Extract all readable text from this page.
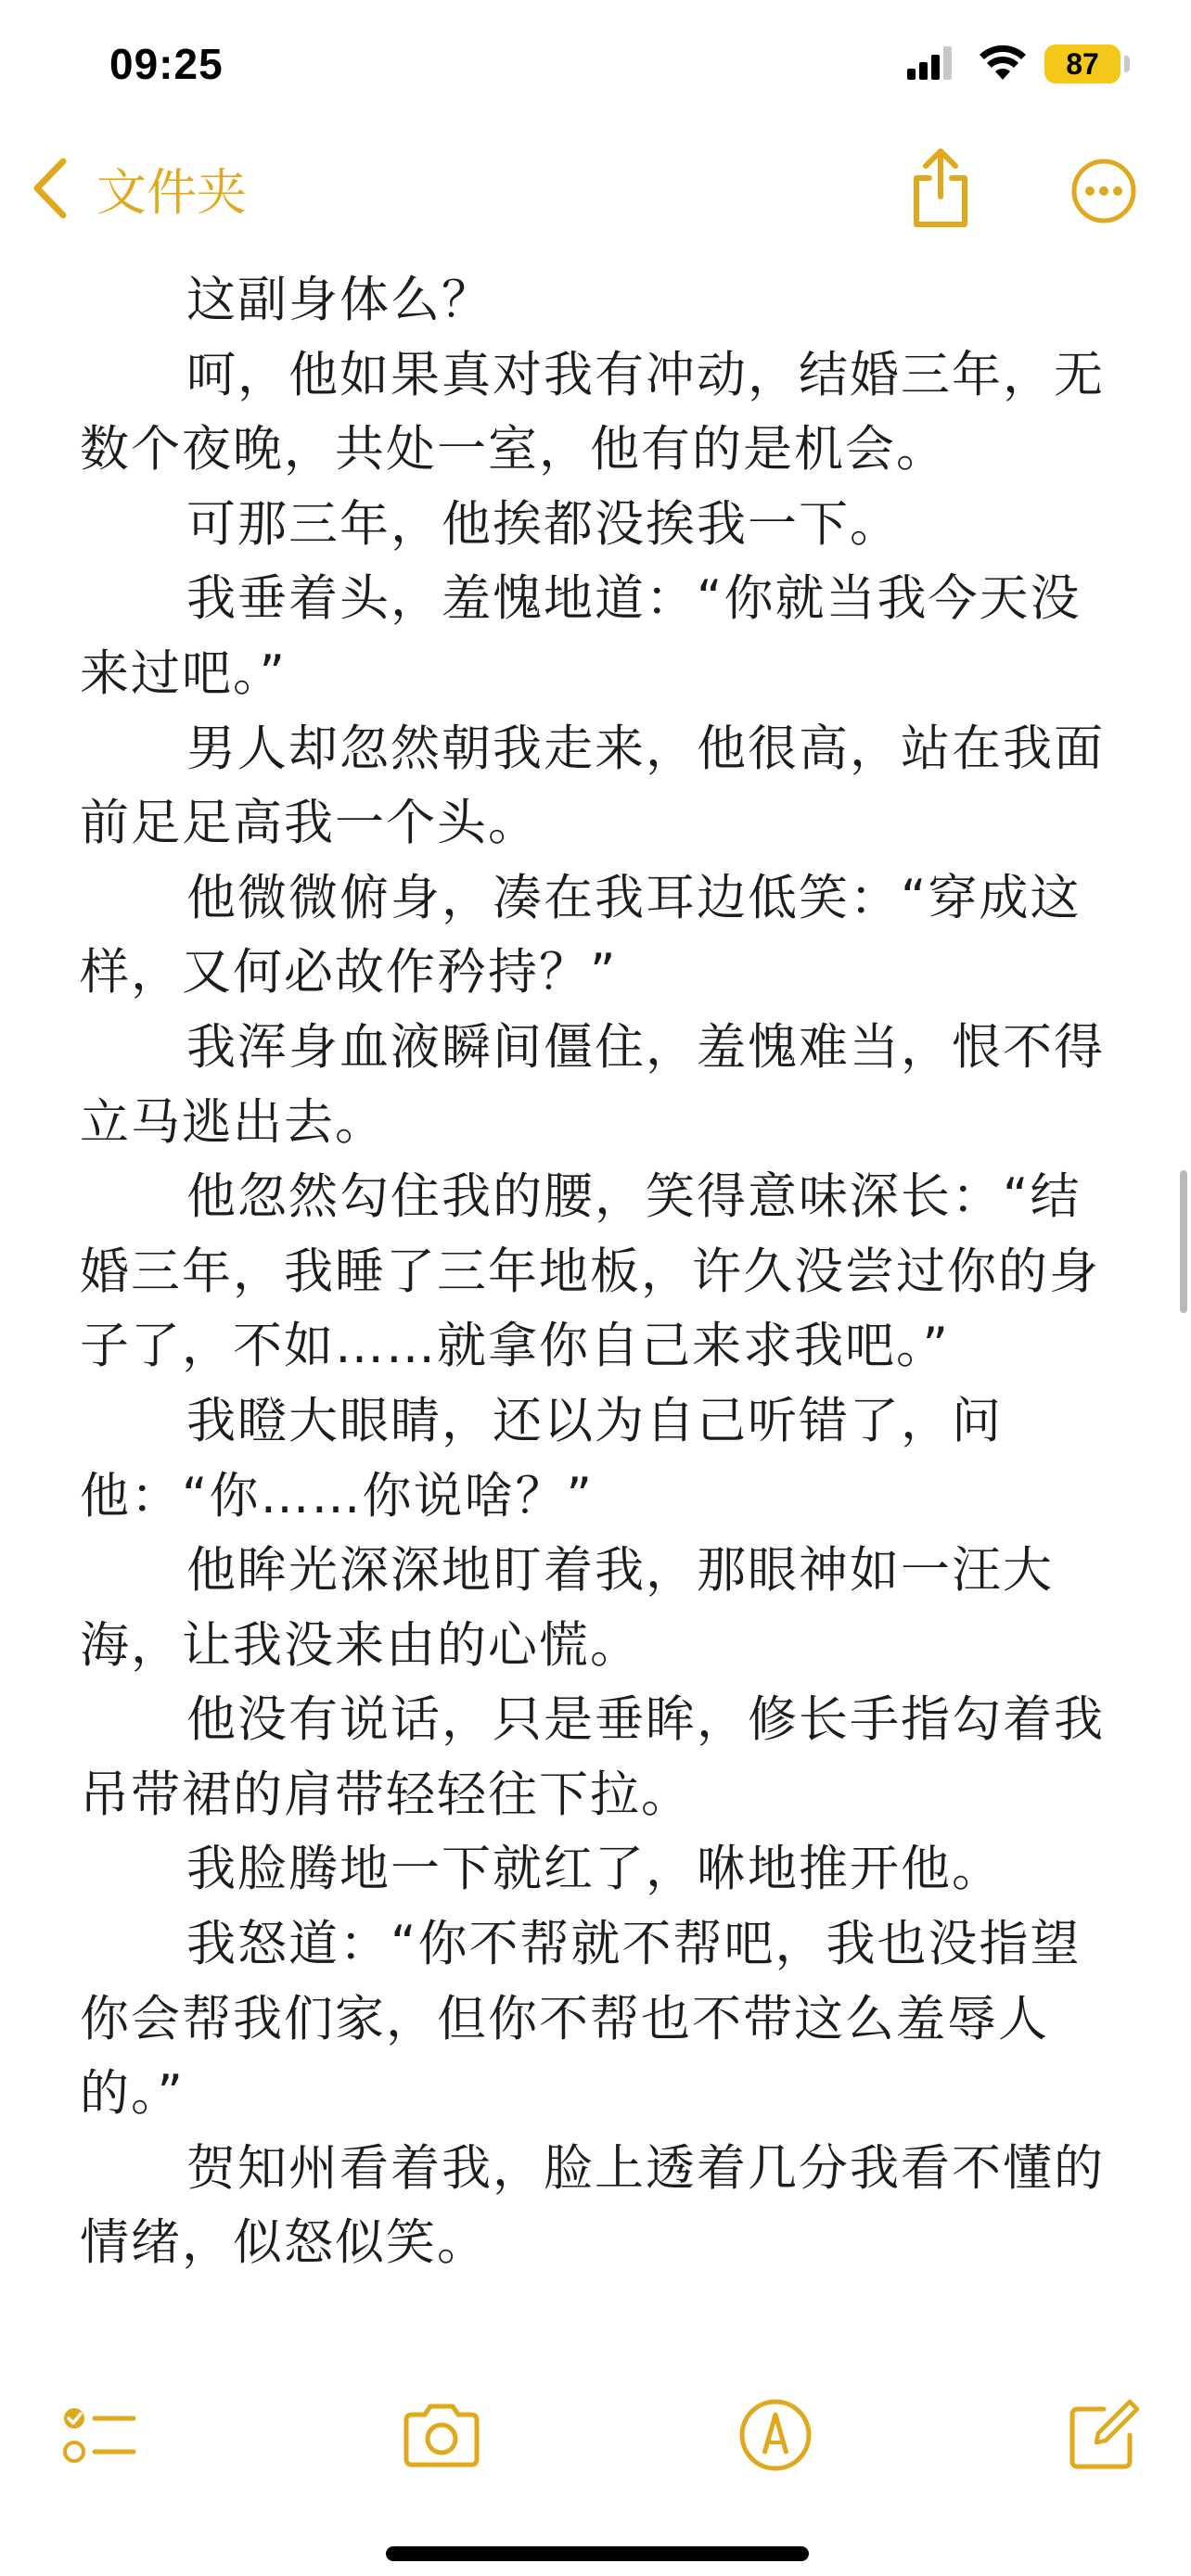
09:25	87
文件夹

这副身体么？

呵，他如果真对我有冲动，结婚三年，无数个夜晚，共处一室，他有的是机会。

可那三年，他挨都没挨我一下。

我垂着头，羞愧地道：“你就当我今天没来过吧。”

男人却忽然朝我走来，他很高，站在我面前足足高我一个头。

他微微俯身，凑在我耳边低笑：“穿成这样，又何必故作矜持？”

我浑身血液瞬间僵住，羞愧难当，恨不得立马逃出去。

他忽然勾住我的腰，笑得意味深长：“结婚三年，我睡了三年地板，许久没尝过你的身子了，不如……就拿你自己来求我吧。”

我瞪大眼睛，还以为自己听错了，问他：“你……你说啥？”

他眸光深深地盯着我，那眼神如一汪大海，让我没来由的心慌。

他没有说话，只是垂眸，修长手指勾着我吊带裙的肩带轻轻往下拉。

我脸腾地一下就红了，咻地推开他。

我怒道：“你不帮就不帮吧，我也没指望你会帮我们家，但你不帮也不带这么羞辱人的。”

贺知州看着我，脸上透着几分我看不懂的情绪，似怒似笑。
